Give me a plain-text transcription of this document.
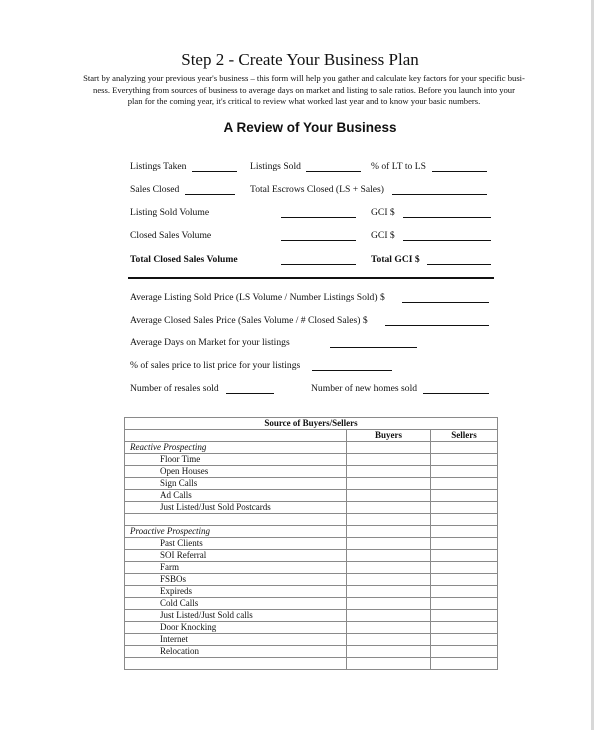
Step 2 - Create Your Business Plan
Start by analyzing your previous year's business – this form will help you gather and calculate key factors for your specific busi-
ness. Everything from sources of business to average days on market and listing to sale ratios. Before you launch into your
plan for the coming year, it's critical to review what worked last year and to know your basic numbers.
A Review of Your Business
Listings Taken	Listings Sold	% of LT to LS
Sales Closed	Total Escrows Closed (LS + Sales)
Listing Sold Volume	GCI $
Closed Sales Volume	GCI $
Total Closed Sales Volume	Total GCI $
Average Listing Sold Price (LS Volume / Number Listings Sold) $
Average Closed Sales Price (Sales Volume / # Closed Sales) $
Average Days on Market for your listings
% of sales price to list price for your listings
Number of resales sold	Number of new homes sold
Source of Buyers/Sellers		
	Buyers	Sellers
Reactive Prospecting		
Floor Time		
Open Houses		
Sign Calls		
Ad Calls		
Just Listed/Just Sold Postcards		

Proactive Prospecting		
Past Clients		
SOI Referral		
Farm		
FSBOs		
Expireds		
Cold Calls		
Just Listed/Just Sold calls		
Door Knocking		
Internet		
Relocation		
